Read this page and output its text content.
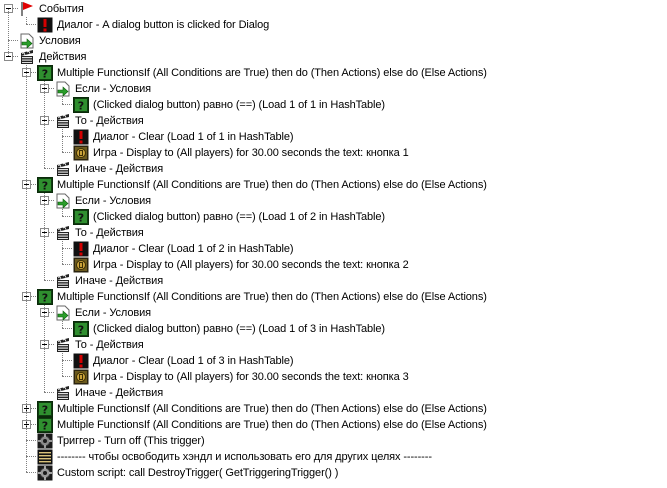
События
Диалог - A dialog button is clicked for Dialog
Условия
Действия
? Multiple FunctionsIf (All Conditions are True) then do (Then Actions) else do (Else Actions)
Если - Условия
? (Clicked dialog button) равно (==) (Load 1 of 1 in HashTable)
То - Действия
Диалог - Clear (Load 1 of 1 in HashTable)
Игра - Display to (All players) for 30.00 seconds the text: кнопка 1
Иначе - Действия
? Multiple FunctionsIf (All Conditions are True) then do (Then Actions) else do (Else Actions)
Если - Условия
? (Clicked dialog button) равно (==) (Load 1 of 2 in HashTable)
То - Действия
Диалог - Clear (Load 1 of 2 in HashTable)
Игра - Display to (All players) for 30.00 seconds the text: кнопка 2
Иначе - Действия
? Multiple FunctionsIf (All Conditions are True) then do (Then Actions) else do (Else Actions)
Если - Условия
? (Clicked dialog button) равно (==) (Load 1 of 3 in HashTable)
То - Действия
Диалог - Clear (Load 1 of 3 in HashTable)
Игра - Display to (All players) for 30.00 seconds the text: кнопка 3
Иначе - Действия
? Multiple FunctionsIf (All Conditions are True) then do (Then Actions) else do (Else Actions)
? Multiple FunctionsIf (All Conditions are True) then do (Then Actions) else do (Else Actions)
Триггер - Turn off (This trigger)
-------- чтобы освободить хэндл и использовать его для других целях --------
Custom script: call DestroyTrigger( GetTriggeringTrigger() )
